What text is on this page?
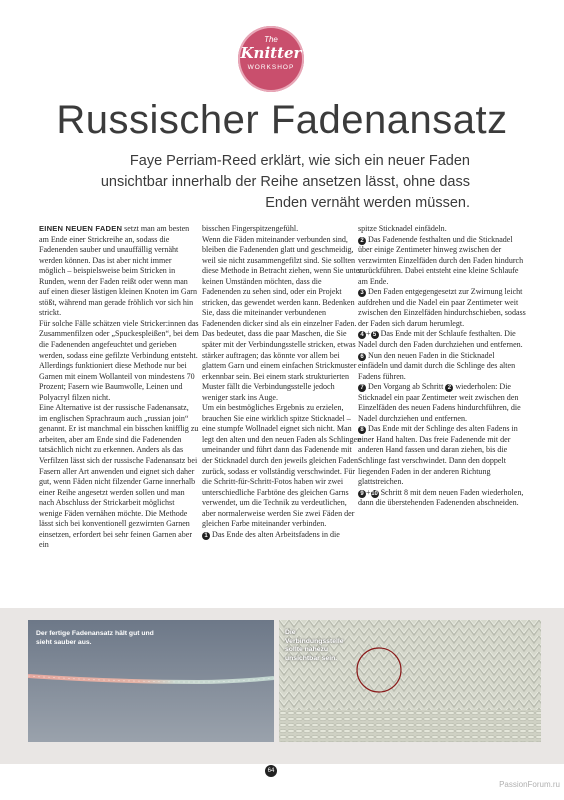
The
Knitter
WORKSHOP
Russischer Fadenansatz

Faye Perriam-Reed erklärt, wie sich ein neuer Faden unsichtbar innerhalb der Reihe ansetzen lässt, ohne dass Enden vernäht werden müssen.

EINEN NEUEN FADEN setzt man am besten am Ende einer Strickreihe an, sodass die Fadenenden sauber und unauffällig vernäht werden können. Das ist aber nicht immer möglich – beispielsweise beim Stricken in Runden, wenn der Faden reißt oder wenn man auf einen dieser lästigen kleinen Knoten im Garn stößt, während man gerade fröhlich vor sich hin strickt.

Für solche Fälle schätzen viele Stricker:innen das Zusammenfilzen oder „Spuckespleißen“, bei dem die Fadenenden angefeuchtet und gerieben werden, sodass eine gefilzte Verbindung entsteht. Allerdings funktioniert diese Methode nur bei Garnen mit einem Wollanteil von mindestens 70 Prozent; Fasern wie Baumwolle, Leinen und Polyacryl filzen nicht.

Eine Alternative ist der russische Fadenansatz, im englischen Sprachraum auch „russian join“ genannt. Er ist manchmal ein bisschen knifflig zu arbeiten, aber am Ende sind die Fadenenden tatsächlich nicht zu erkennen. Anders als das Verfilzen lässt sich der russische Fadenansatz bei Fasern aller Art anwenden und eignet sich daher gut, wenn Fäden nicht filzender Garne innerhalb einer Reihe angesetzt werden sollen und man nach Abschluss der Strickarbeit möglichst wenige Fäden vernähen möchte. Die Methode lässt sich bei konventionell gezwirnten Garnen einsetzen, erfordert bei sehr feinen Garnen aber ein

bisschen Fingerspitzengefühl.

Wenn die Fäden miteinander verbunden sind, bleiben die Fadenenden glatt und geschmeidig, weil sie nicht zusammengefilzt sind. Sie sollten diese Methode in Betracht ziehen, wenn Sie unter keinen Umständen möchten, dass die Fadenenden zu sehen sind, oder ein Projekt stricken, das gewendet werden kann. Bedenken Sie, dass die miteinander verbundenen Fadenenden dicker sind als ein einzelner Faden. Das bedeutet, dass die paar Maschen, die Sie später mit der Verbindungsstelle stricken, etwas stärker auftragen; das könnte vor allem bei glattem Garn und einem einfachen Strickmuster erkennbar sein. Bei einem stark strukturierten Muster fällt die Verbindungsstelle jedoch weniger stark ins Auge.

Um ein bestmögliches Ergebnis zu erzielen, brauchen Sie eine wirklich spitze Sticknadel – eine stumpfe Wollnadel eignet sich nicht. Man legt den alten und den neuen Faden als Schlingen umeinander und führt dann das Fadenende mit der Sticknadel durch den jeweils gleichen Faden zurück, sodass er vollständig verschwindet. Für die Schritt-für-Schritt-Fotos haben wir zwei unterschiedliche Farbtöne des gleichen Garns verwendet, um die Technik zu verdeutlichen, aber normalerweise werden Sie zwei Fäden der gleichen Farbe miteinander verbinden.

1 Das Ende des alten Arbeitsfadens in die

spitze Sticknadel einfädeln.

2 Das Fadenende festhalten und die Sticknadel über einige Zentimeter hinweg zwischen der verzwirnten Einzelfäden durch den Faden hindurch zurückführen. Dabei entsteht eine kleine Schlaufe am Ende.

3 Den Faden entgegengesetzt zur Zwirnung leicht aufdrehen und die Nadel ein paar Zentimeter weit zwischen den Einzelfäden hindurchschieben, sodass der Faden sich darum herumlegt.

4 + 5 Das Ende mit der Schlaufe festhalten. Die Nadel durch den Faden durchziehen und entfernen.

6 Nun den neuen Faden in die Sticknadel einfädeln und damit durch die Schlinge des alten Fadens führen.

7 Den Vorgang ab Schritt 2 wiederholen: Die Sticknadel ein paar Zentimeter weit zwischen den Einzelfäden des neuen Fadens hindurchführen, die Nadel durchziehen und entfernen.

8 Das Ende mit der Schlinge des alten Fadens in einer Hand halten. Das freie Fadenende mit der anderen Hand fassen und daran ziehen, bis die Schlinge fast verschwindet. Dann den doppelt liegenden Faden in der anderen Richtung glattstreichen.

9 +10 Schritt 8 mit dem neuen Faden wiederholen, dann die überstehenden Fadenenden abschneiden.

Der fertige Fadenansatz hält gut und sieht sauber aus.

Die Verbindungsstelle sollte nahezu unsichtbar sein.

64
PassionForum.ru
